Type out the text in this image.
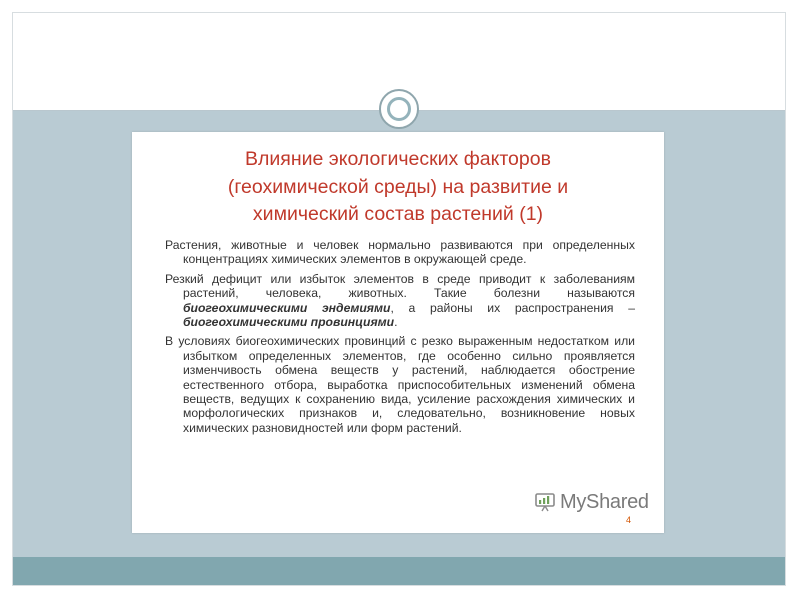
Влияние экологических факторов
(геохимической среды) на развитие и
химический состав растений (1)

Растения, животные и человек нормально развиваются при определенных концентрациях химических элементов в окружающей среде.

Резкий дефицит или избыток элементов в среде приводит к заболеваниям растений, человека, животных. Такие болезни называются биогеохимическими эндемиями, а районы их распространения – биогеохимическими провинциями.

В условиях биогеохимических провинций с резко выраженным недостатком или избытком определенных элементов, где особенно сильно проявляется изменчивость обмена веществ у растений, наблюдается обострение естественного отбора, выработка приспособительных изменений обмена веществ, ведущих к сохранению вида, усиление расхождения химических и морфологических признаков и, следовательно, возникновение новых химических разновидностей или форм растений.

MyShared
4
